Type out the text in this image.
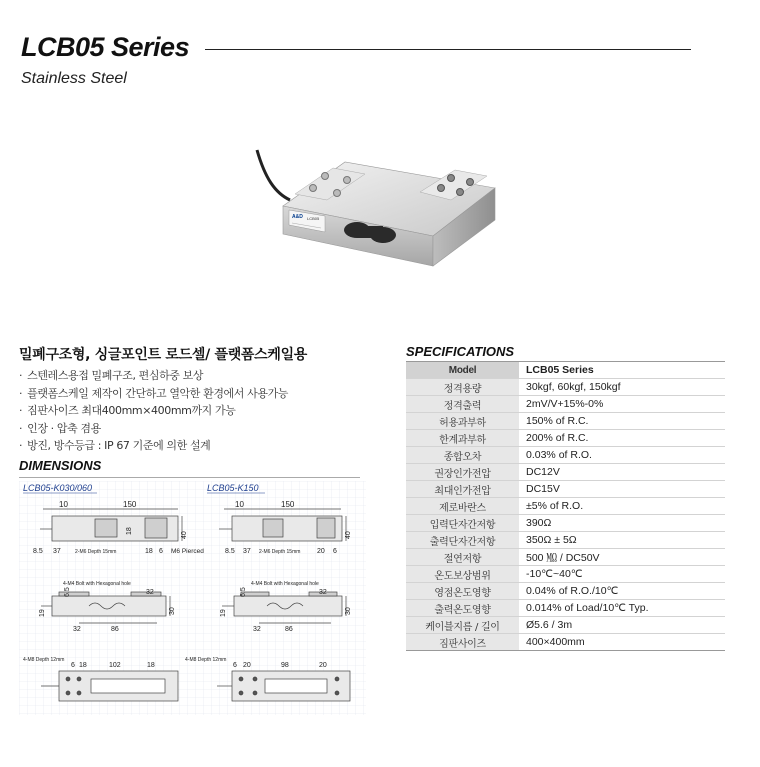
LCB05 Series
Stainless Steel
A&D LCB05
밀폐구조형, 싱글포인트 로드셀/ 플랫폼스케일용
· 스텐레스용접 밀폐구조, 편심하중 보상
· 플랫폼스케일 제작이 간단하고 열악한 환경에서 사용가능
· 짐판사이즈 최대400mm×400mm까지 가능
· 인장 · 압축 겸용
· 방진, 방수등급 : IP 67 기준에 의한 설계
DIMENSIONS
LCB05-K030/060
10	150
18
40
8.5 37	2-M6 Depth 15mm	18 6 M6 Pierced
4-M4 Bolt with Hexagonal hole
6.5	32
19	30
32	86
4-M8 Depth 12mm
6 18	102	18
LCB05-K150
10	150
40
8.5 37 2-M6 Depth 15mm 20 6
4-M4 Bolt with Hexagonal hole
6.5	32
19	30
32	86
4-M8 Depth 12mm
6 20	98	20
SPECIFICATIONS
Model	LCB05 Series
정격용량	30kgf, 60kgf, 150kgf
정격출력	2mV/V+15%-0%
허용과부하	150% of R.C.
한계과부하	200% of R.C.
종합오차	0.03% of R.O.
권장인가전압	DC12V
최대인가전압	DC15V
제로바란스	±5% of R.O.
입력단자간저항	390Ω
출력단자간저항	350Ω ± 5Ω
절연저항	500 ㏁ / DC50V
온도보상범위	-10℃~40℃
영점온도영향	0.04% of R.O./10℃
출력온도영향	0.014% of Load/10℃ Typ.
케이블지름 / 길이	Ø5.6 / 3m
짐판사이즈	400×400mm
